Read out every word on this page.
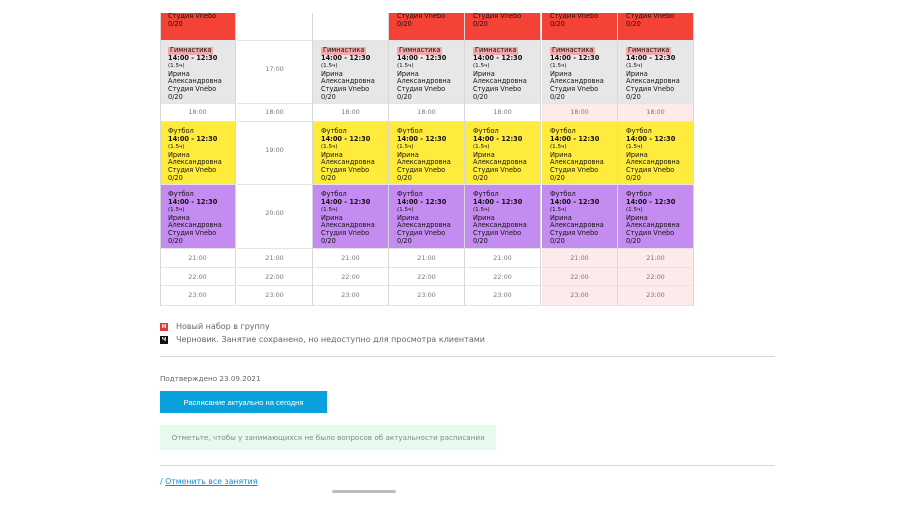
Студия Vnebo
0/20
Гимнастика

14:00 - 12:30 (1.5ч)
Ирина
Александровна
Студия Vnebo
0/20
18:00
Футбол
14:00 - 12:30 (1.5ч)
Ирина
Александровна
Студия Vnebo
0/20
Футбол
14:00 - 12:30 (1.5ч)
Ирина
Александровна
Студия Vnebo
0/20
21:00
22:00
23:00
17:00
18:00
19:00
20:00
21:00
22:00
23:00
Гимнастика

14:00 - 12:30 (1.5ч)
Ирина
Александровна
Студия Vnebo
0/20
18:00
Футбол
14:00 - 12:30 (1.5ч)
Ирина
Александровна
Студия Vnebo
0/20
Футбол
14:00 - 12:30 (1.5ч)
Ирина
Александровна
Студия Vnebo
0/20
21:00
22:00
23:00
Студия Vnebo
0/20
Гимнастика

14:00 - 12:30 (1.5ч)
Ирина
Александровна
Студия Vnebo
0/20
18:00
Футбол
14:00 - 12:30 (1.5ч)
Ирина
Александровна
Студия Vnebo
0/20
Футбол
14:00 - 12:30 (1.5ч)
Ирина
Александровна
Студия Vnebo
0/20
21:00
22:00
23:00
Студия Vnebo
0/20
Гимнастика

14:00 - 12:30 (1.5ч)
Ирина
Александровна
Студия Vnebo
0/20
18:00
Футбол
14:00 - 12:30 (1.5ч)
Ирина
Александровна
Студия Vnebo
0/20
Футбол
14:00 - 12:30 (1.5ч)
Ирина
Александровна
Студия Vnebo
0/20
21:00
22:00
23:00
Студия Vnebo
0/20
Гимнастика

14:00 - 12:30 (1.5ч)
Ирина
Александровна
Студия Vnebo
0/20
18:00
Футбол
14:00 - 12:30 (1.5ч)
Ирина
Александровна
Студия Vnebo
0/20
Футбол
14:00 - 12:30 (1.5ч)
Ирина
Александровна
Студия Vnebo
0/20
21:00
22:00
23:00
Студия Vnebo
0/20
Гимнастика

14:00 - 12:30 (1.5ч)
Ирина
Александровна
Студия Vnebo
0/20
18:00
Футбол
14:00 - 12:30 (1.5ч)
Ирина
Александровна
Студия Vnebo
0/20
Футбол
14:00 - 12:30 (1.5ч)
Ирина
Александровна
Студия Vnebo
0/20
21:00
22:00
23:00
Н Новый набор в группу
Ч Черновик. Занятие сохранено, но недоступно для просмотра клиентами
Подтверждено 23.09.2021
Расписание актуально на сегодня
Отметьте, чтобы у занимающихся не было вопросов об актуальности расписания
/ Отменить все занятия
